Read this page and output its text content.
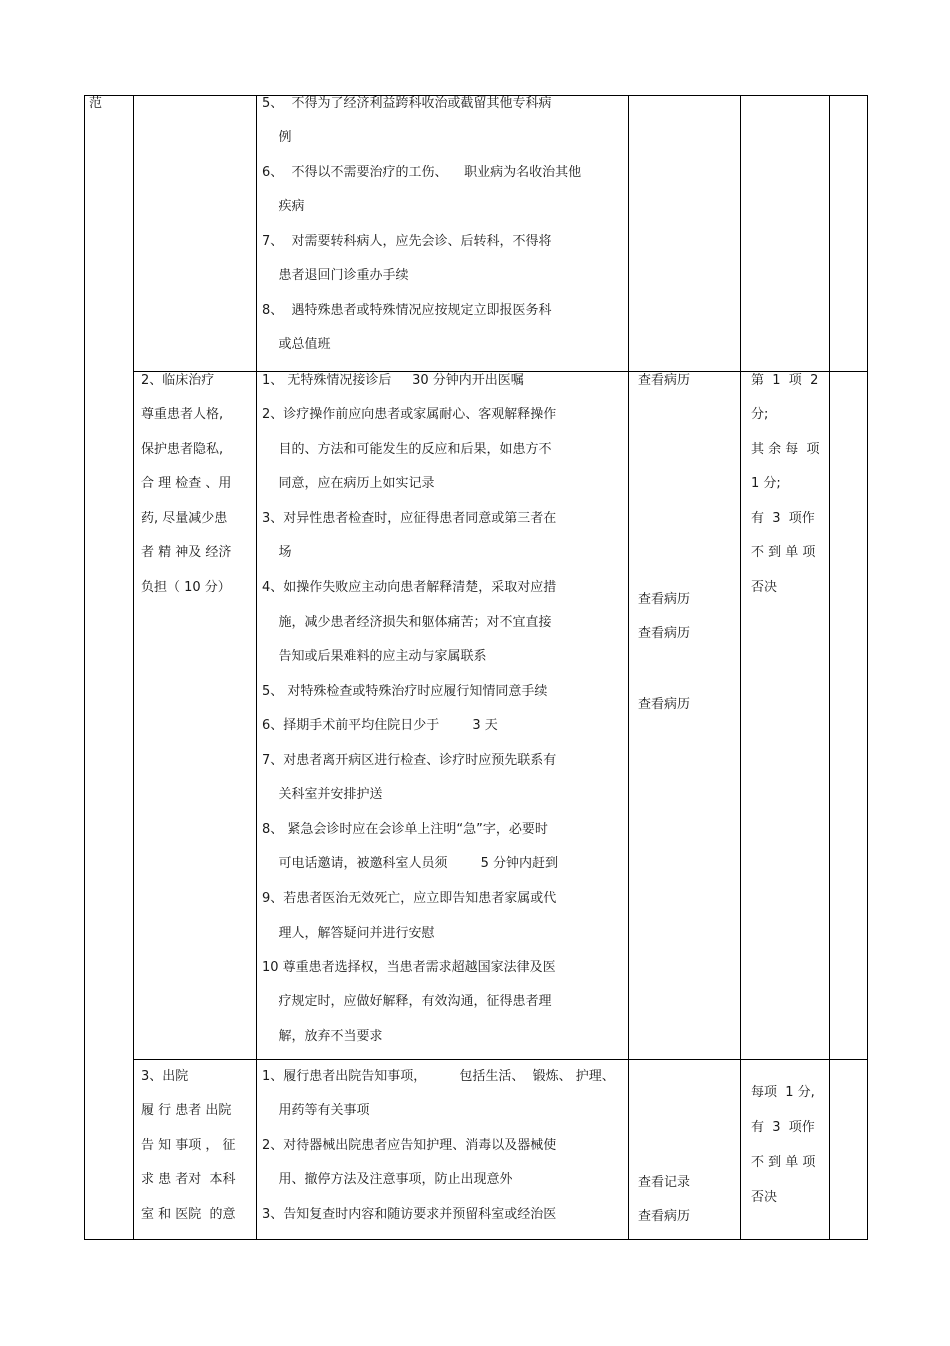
范	5、  不得为了经济利益跨科收治或截留其他专科病
例
6、  不得以不需要治疗的工伤、    职业病为名收治其他
疾病
7、  对需要转科病人，应先会诊、后转科，不得将
患者退回门诊重办手续
8、  遇特殊患者或特殊情况应按规定立即报医务科
或总值班
2、临床治疗
尊重患者人格,
保护患者隐私,
合 理 检查 、用
药, 尽量减少患
者 精 神及 经济
负担（ 10 分）
1、 无特殊情况接诊后     30 分钟内开出医嘱
2、诊疗操作前应向患者或家属耐心、客观解释操作
目的、方法和可能发生的反应和后果，如患方不
同意，应在病历上如实记录
3、对异性患者检查时，应征得患者同意或第三者在
场
4、如操作失败应主动向患者解释清楚，采取对应措
施，减少患者经济损失和躯体痛苦；对不宜直接
告知或后果难料的应主动与家属联系
5、 对特殊检查或特殊治疗时应履行知情同意手续
6、择期手术前平均住院日少于        3 天
7、对患者离开病区进行检查、诊疗时应预先联系有
关科室并安排护送
8、 紧急会诊时应在会诊单上注明“急”字，必要时
可电话邀请，被邀科室人员须        5 分钟内赶到
9、若患者医治无效死亡，应立即告知患者家属或代
理人，解答疑问并进行安慰
10 尊重患者选择权，当患者需求超越国家法律及医
疗规定时，应做好解释，有效沟通，征得患者理
解，放弃不当要求
查看病历
查看病历
查看病历
查看病历
第  1  项  2
分;
其 余 每  项
1 分;
有  3  项作
不 到 单 项
否决
3、出院
履 行 患者 出院
告 知 事项 ， 征
求 患 者对  本科
室 和 医院  的意
1、履行患者出院告知事项，        包括生活、  锻炼、 护理、
用药等有关事项
2、对待器械出院患者应告知护理、消毒以及器械使
用、撤停方法及注意事项，防止出现意外
3、告知复查时内容和随访要求并预留科室或经治医
查看记录
查看病历
每项  1 分,
有  3  项作
不 到 单 项
否决
